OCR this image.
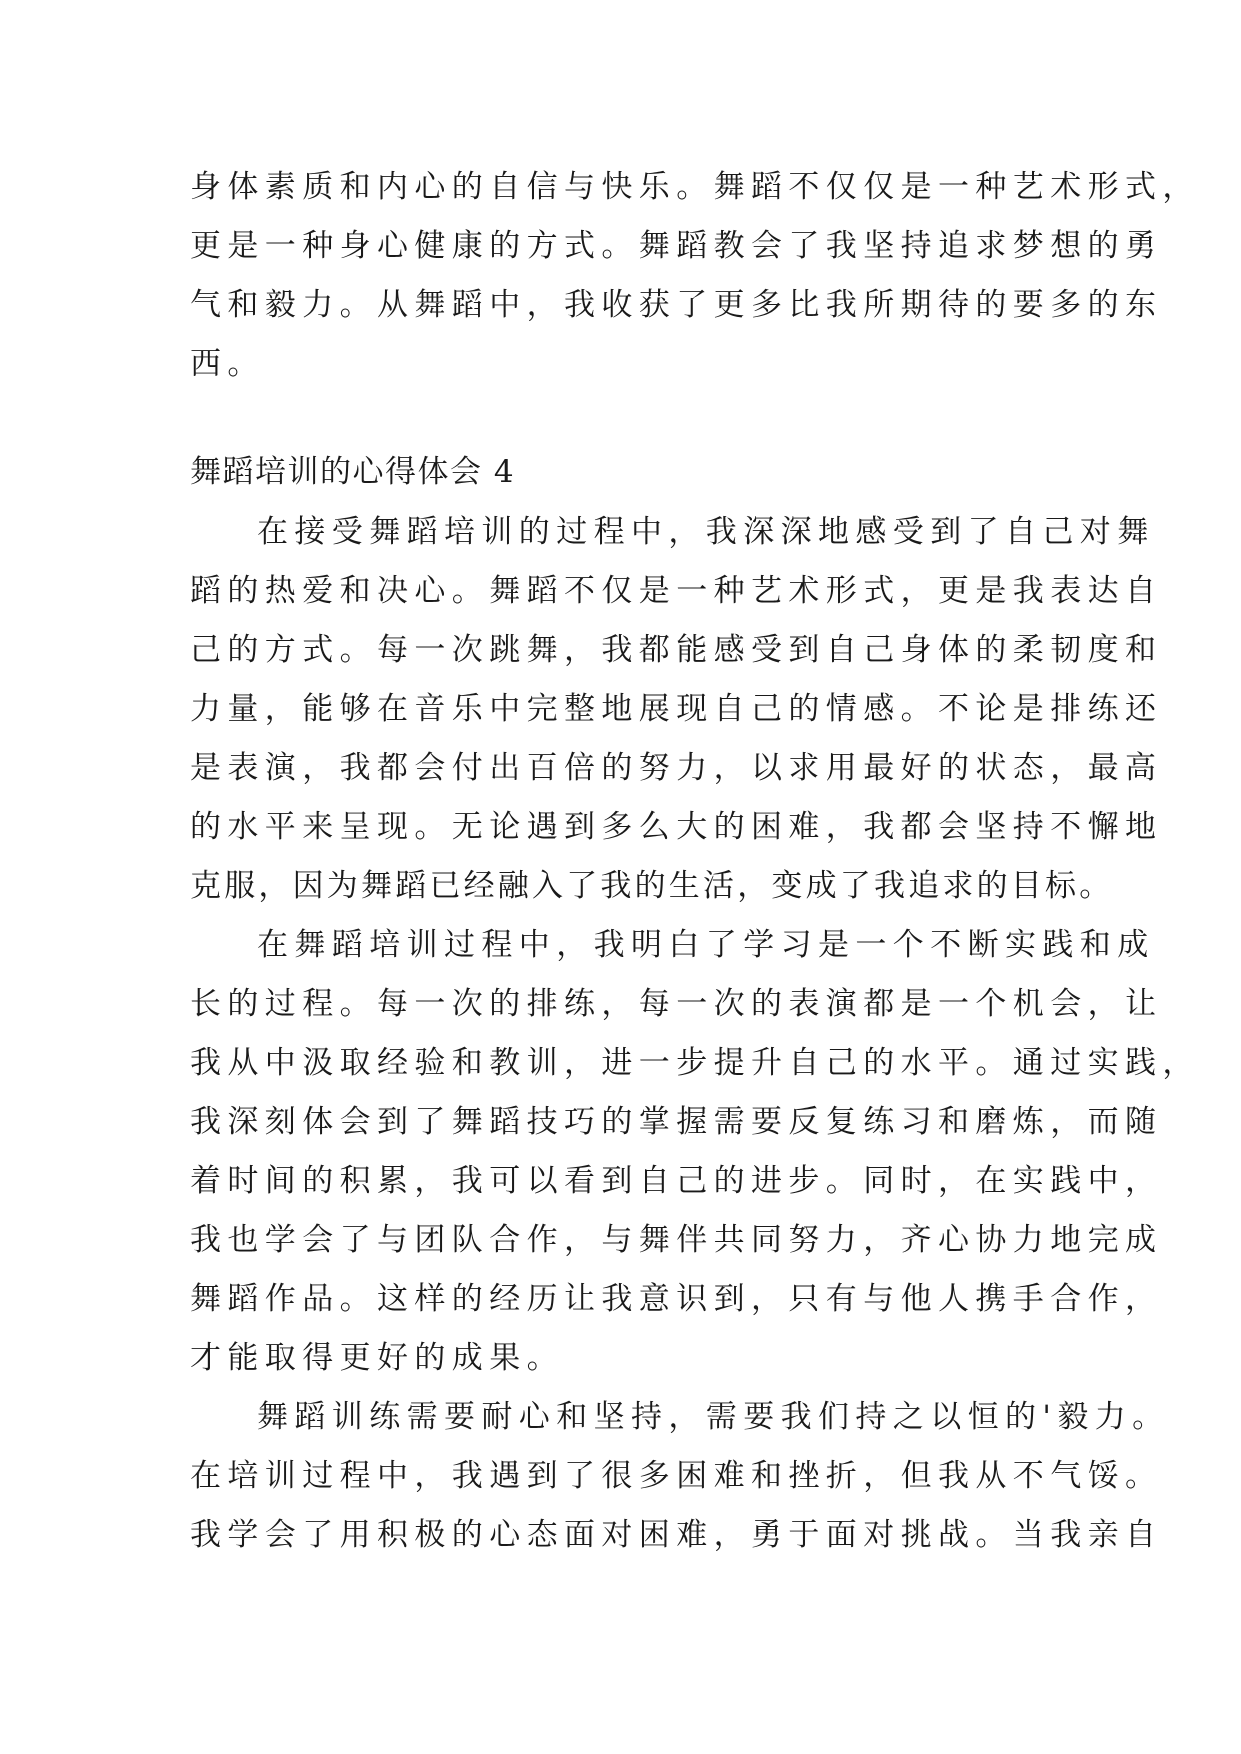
身体素质和内心的自信与快乐。舞蹈不仅仅是一种艺术形式，
更是一种身心健康的方式。舞蹈教会了我坚持追求梦想的勇
气和毅力。从舞蹈中，我收获了更多比我所期待的要多的东
西。
舞蹈培训的心得体会 4
在接受舞蹈培训的过程中，我深深地感受到了自己对舞
蹈的热爱和决心。舞蹈不仅是一种艺术形式，更是我表达自
己的方式。每一次跳舞，我都能感受到自己身体的柔韧度和
力量，能够在音乐中完整地展现自己的情感。不论是排练还
是表演，我都会付出百倍的努力，以求用最好的状态，最高
的水平来呈现。无论遇到多么大的困难，我都会坚持不懈地
克服，因为舞蹈已经融入了我的生活，变成了我追求的目标。
在舞蹈培训过程中，我明白了学习是一个不断实践和成
长的过程。每一次的排练，每一次的表演都是一个机会，让
我从中汲取经验和教训，进一步提升自己的水平。通过实践，
我深刻体会到了舞蹈技巧的掌握需要反复练习和磨炼，而随
着时间的积累，我可以看到自己的进步。同时，在实践中，
我也学会了与团队合作，与舞伴共同努力，齐心协力地完成
舞蹈作品。这样的经历让我意识到，只有与他人携手合作，
才能取得更好的成果。
舞蹈训练需要耐心和坚持，需要我们持之以恒的'毅力。
在培训过程中，我遇到了很多困难和挫折，但我从不气馁。
我学会了用积极的心态面对困难，勇于面对挑战。当我亲自
